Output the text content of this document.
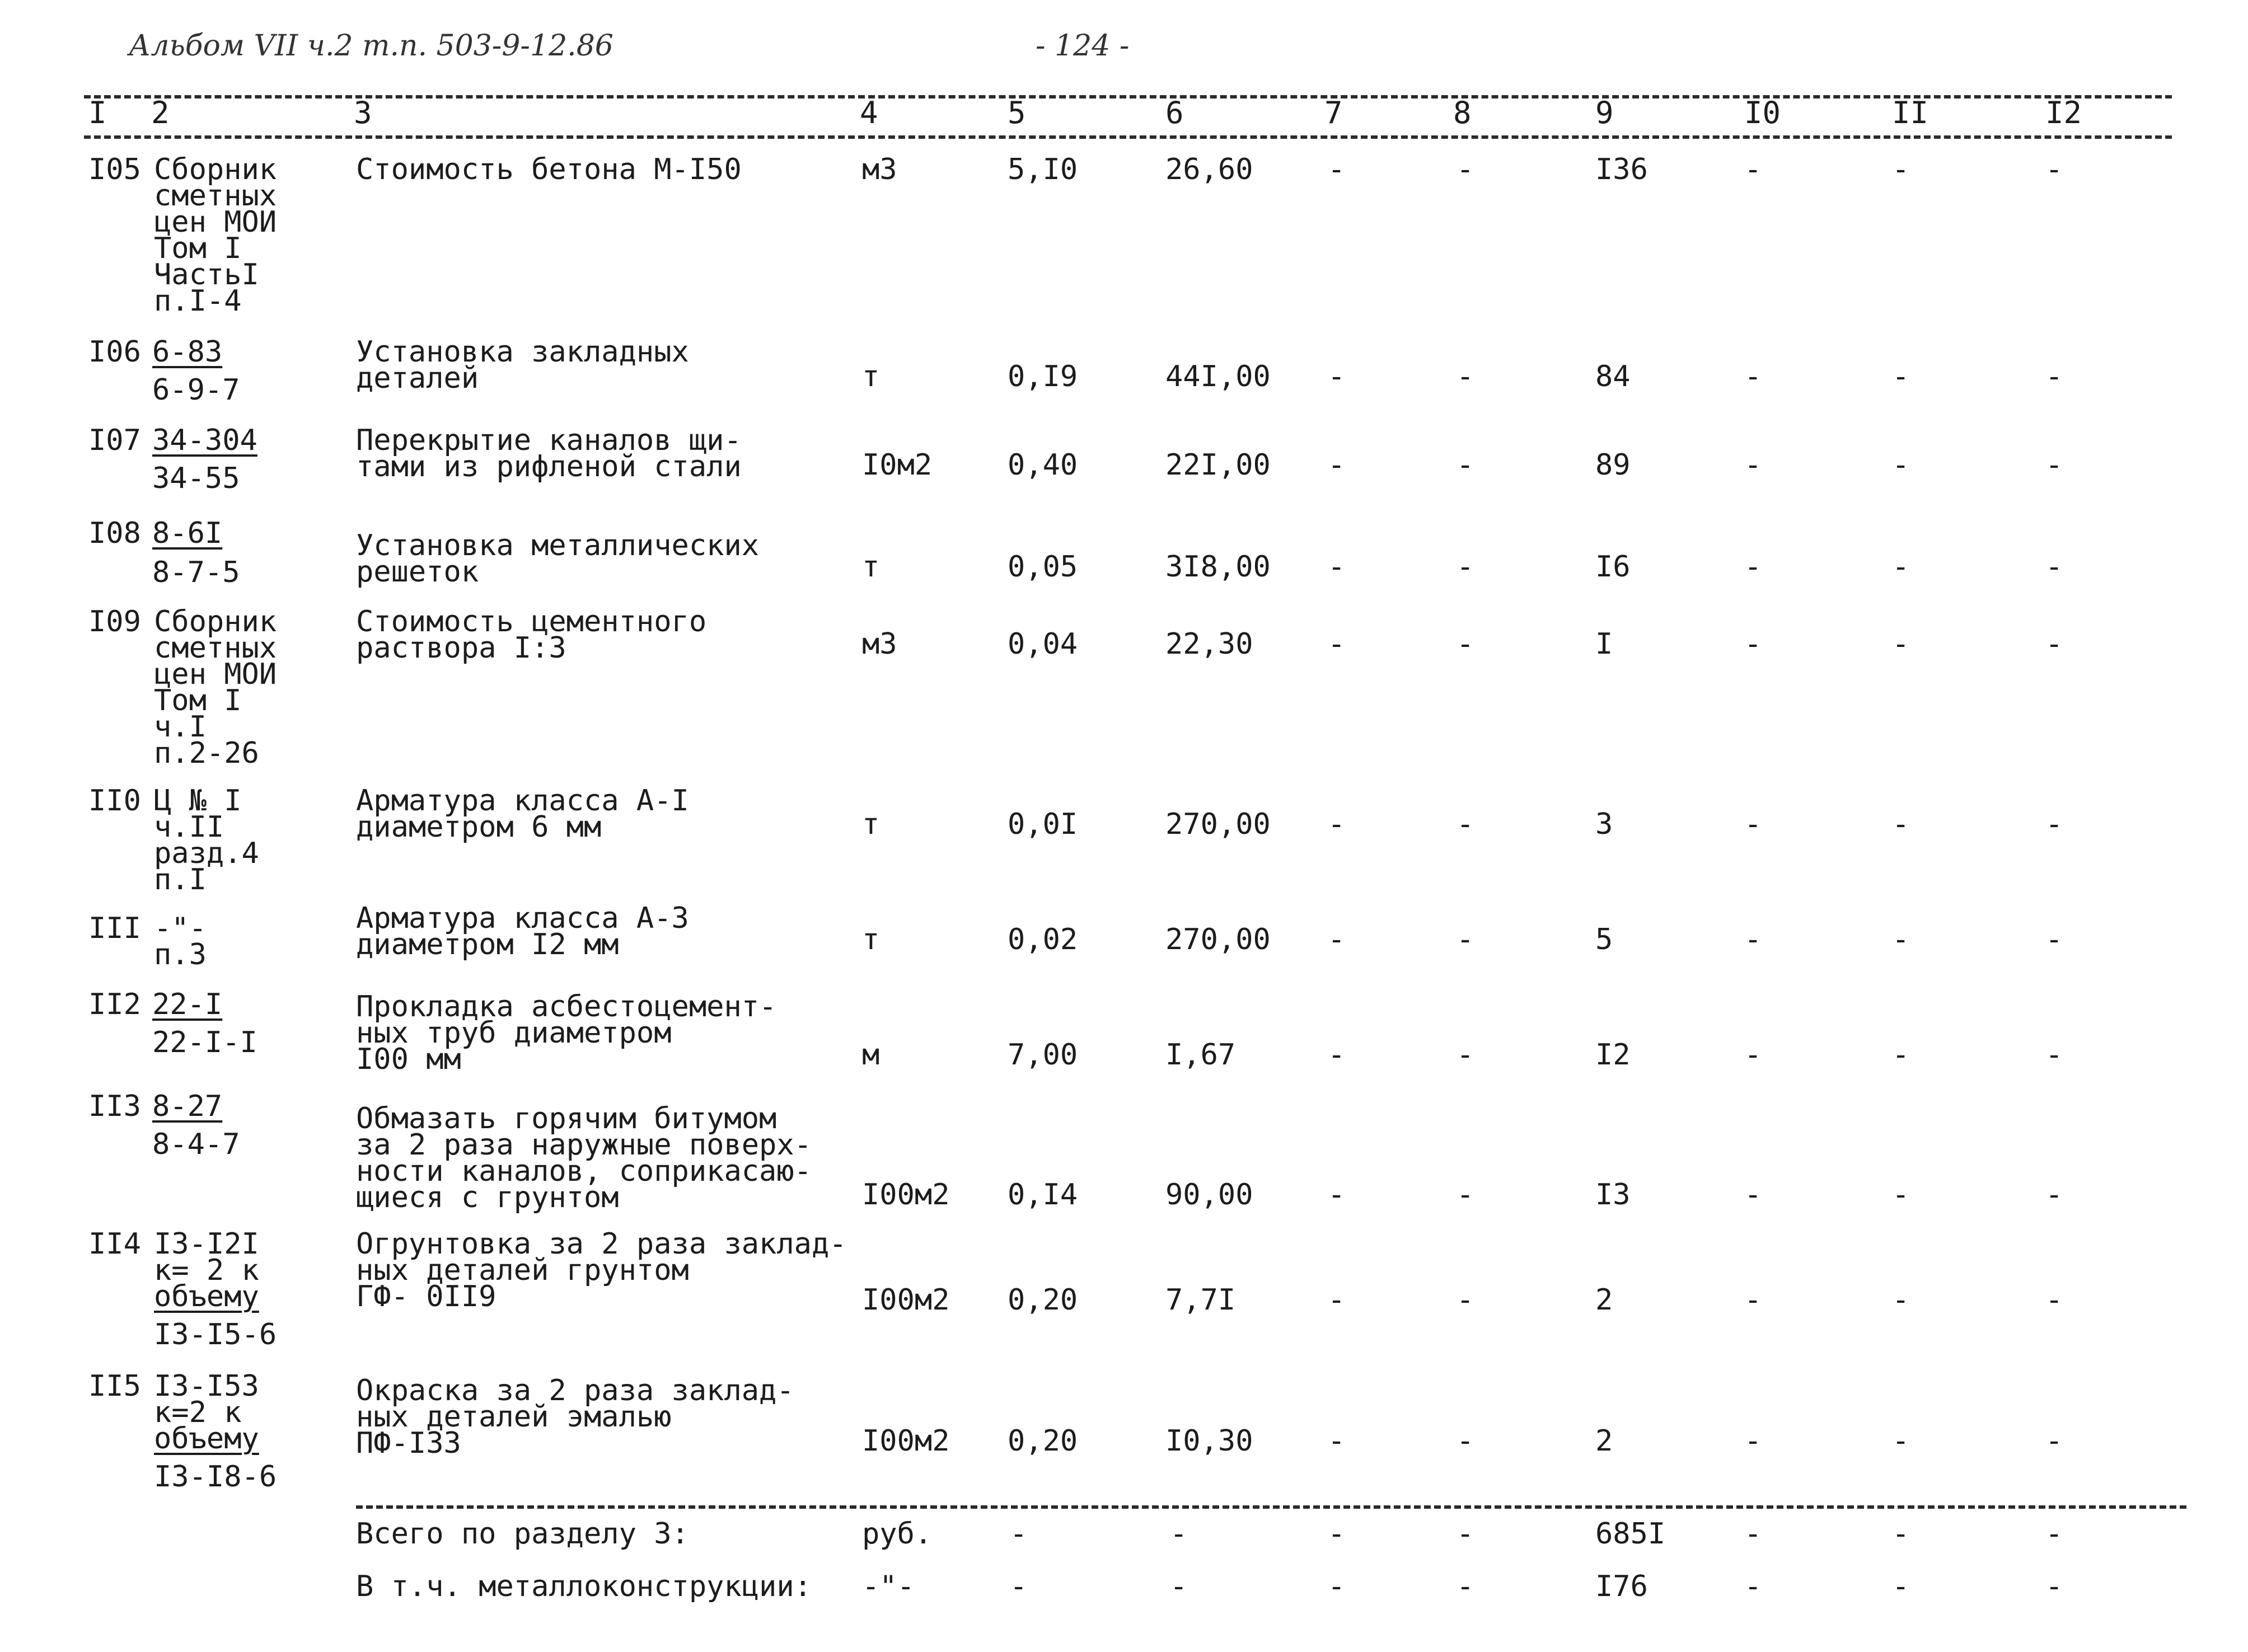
Альбом VII ч.2 т.п. 503-9-12.86	- 124 -
I 2	3	4	5	6	7	8	9	I0	II	I2
I05 Сборник
сметных
цен МОИ
Том I
ЧастьI
п.I-4
Стоимость бетона М-I50	м3	5,I0	26,60	-	-	I36	-	-	-
I06 6-83
6-9-7
Установка закладных
деталей	т	0,I9	44I,00 -	-	84	-	-	-
I07 34-304
34-55
Перекрытие каналов щи-
тами из рифленой стали	I0м2	0,40	22I,00 -	-	89	-	-	-
I08 8-6I
8-7-5
Установка металлических
решеток	т	0,05	3I8,00 -	-	I6	-	-	-
I09 Сборник
сметных
цен МОИ
Том I
ч.I
п.2-26
Стоимость цементного
раствора I:3	м3	0,04	22,30	-	-	I	-	-	-
II0 Ц № I
ч.II
разд.4
п.I
Арматура класса А-I
диаметром 6 мм	т	0,0I	270,00 -	-	3	-	-	-
III -"-
п.3
Арматура класса А-3
диаметром I2 мм	т	0,02	270,00 -	-	5	-	-	-
II2 22-I
22-I-I
Прокладка асбестоцемент-
ных труб диаметром
I00 мм	м	7,00	I,67	-	-	I2	-	-	-
II3 8-27
8-4-7
Обмазать горячим битумом
за 2 раза наружные поверх-
ности каналов, соприкасаю-
щиеся с грунтом	I00м2 0,I4	90,00	-	-	I3	-	-	-
II4 I3-I2I
к= 2 к
объему
I3-I5-6
Огрунтовка за 2 раза заклад-
ных деталей грунтом
ГФ- 0II9	I00м2 0,20	7,7I	-	-	2	-	-	-
II5 I3-I53
к=2 к
объему
I3-I8-6
Окраска за 2 раза заклад-
ных деталей эмалью
ПФ-I33	I00м2 0,20	I0,30	-	-	2	-	-	-
Всего по разделу 3:	руб.	-	-	-	-	685I	-	-	-
В т.ч. металлоконструкции: -"-	-	-	-	-	I76	-	-	-
